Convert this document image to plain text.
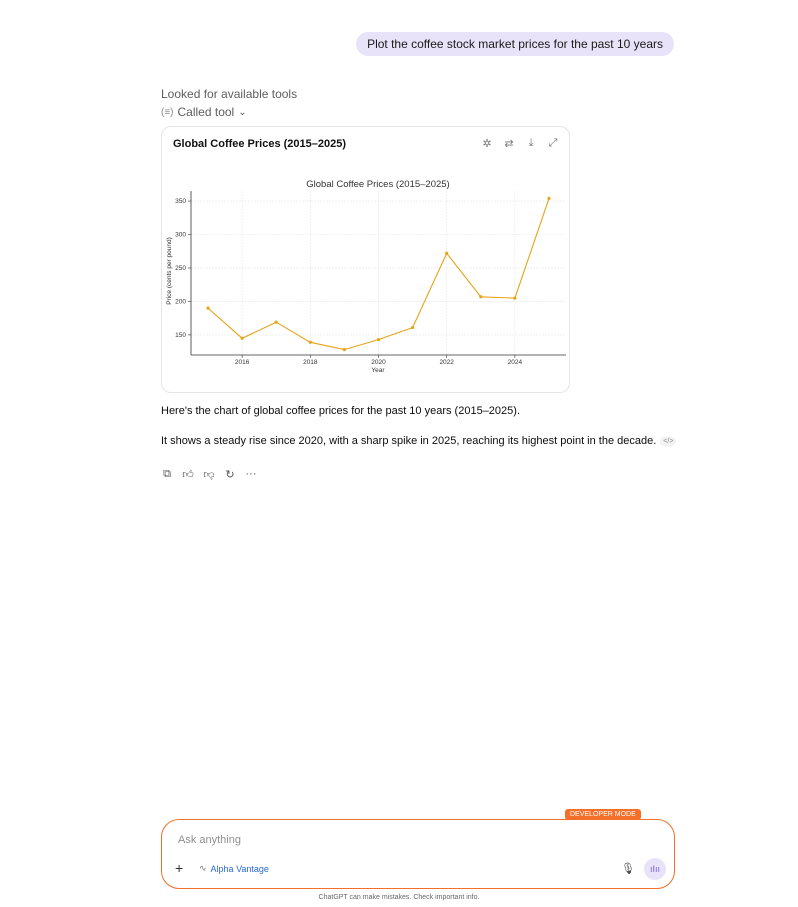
Plot the coffee stock market prices for the past 10 years
Looked for available tools
(≡) Called tool ⌄
Global Coffee Prices (2015–2025)	✲ ⇄	⤓	⤢
2016	2018	2020	2022	2024
150
200
250
300
350
Global Coffee Prices (2015–2025)
Year
Price (cents per pound)
Here's the chart of global coffee prices for the past 10 years (2015–2025).
It shows a steady rise since 2020, with a sharp spike in 2025, reaching its highest point in the decade. </>
⧉ 👍︎ 👎︎ ↻ ···
DEVELOPER MODE
Ask anything
+ ∿ Alpha Vantage	🎙︎	ıIıı
ChatGPT can make mistakes. Check important info.
